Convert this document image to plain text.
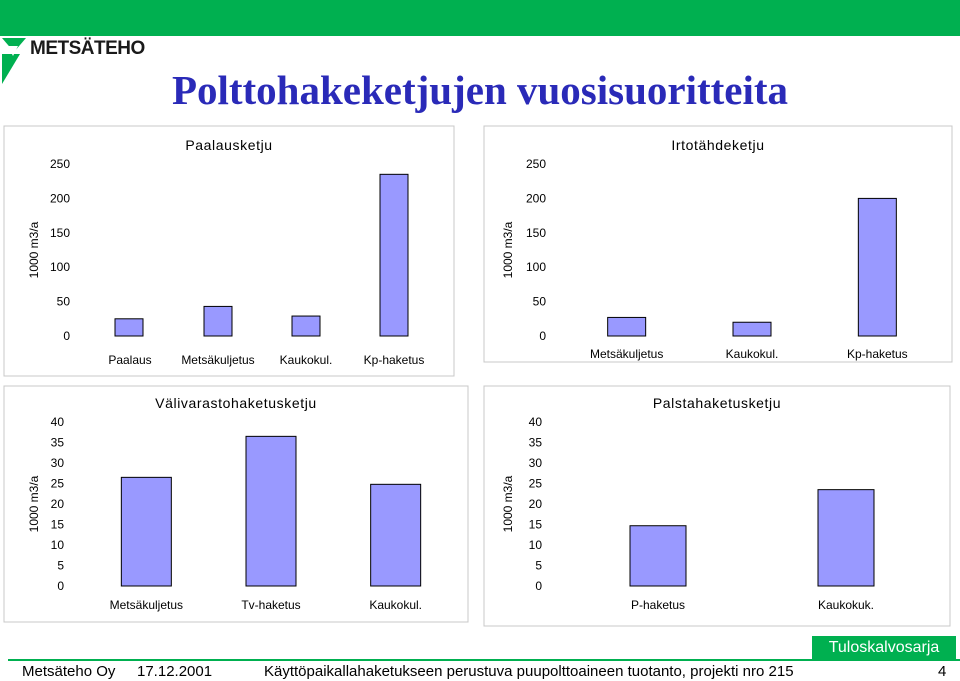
METSÄTEHO
Polttohakeketjujen vuosisuoritteita
Paalausketju
0
50
100
150
200
250
1000 m3/a
Paalaus Metsäkuljetus Kaukokul.	Kp-haketus
Irtotähdeketju
0
50
100
150
200
250
1000 m3/a
Metsäkuljetus	Kaukokul.	Kp-haketus
Välivarastohaketusketju
0
5
10
15
20
25
30
35
40
1000 m3/a
Metsäkuljetus	Tv-haketus	Kaukokul.
Palstahaketusketju
0
5
10
15
20
25
30
35
40
1000 m3/a
P-haketus	Kaukokuk.
Tuloskalvosarja
Metsäteho Oy 17.12.2001	Käyttöpaikallahaketukseen perustuva puupolttoaineen tuotanto, projekti nro 215	4
